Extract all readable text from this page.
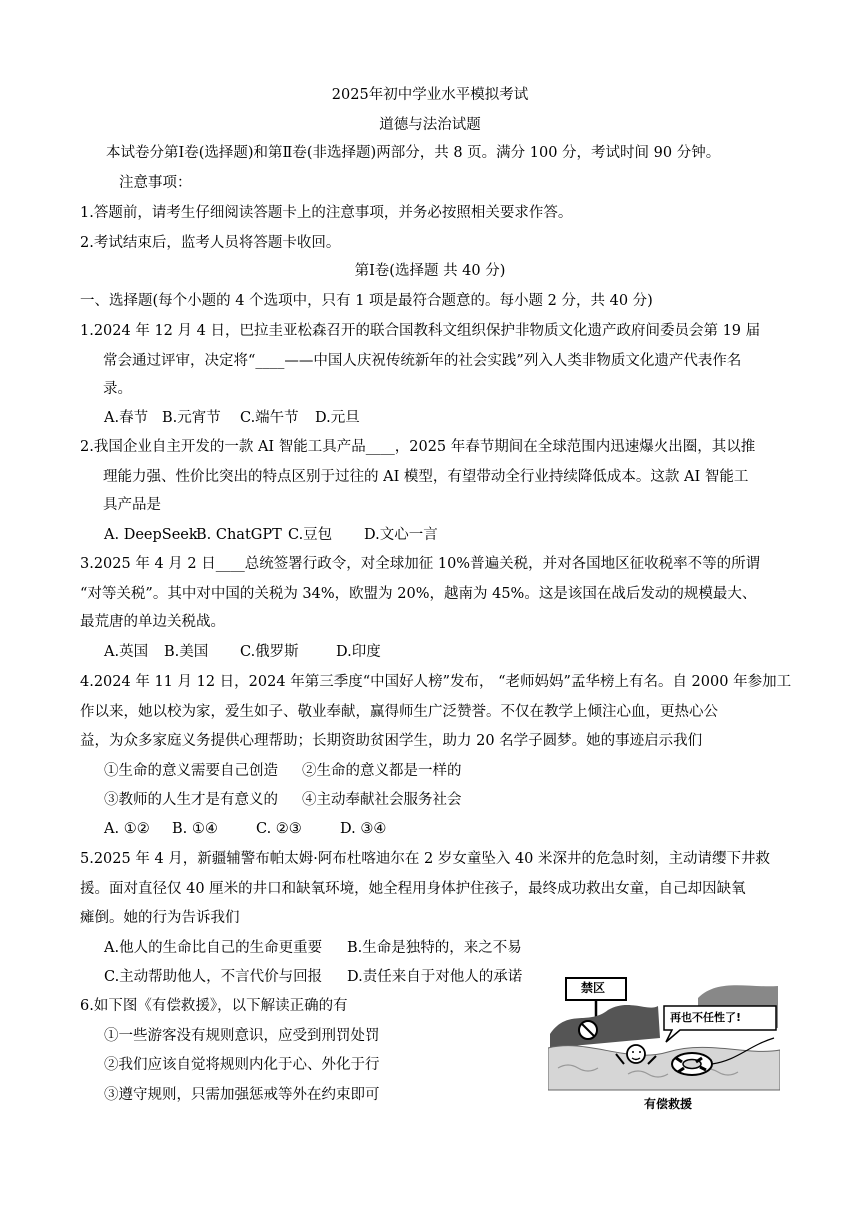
2025年初中学业水平模拟考试
道德与法治试题
本试卷分第Ⅰ卷(选择题)和第Ⅱ卷(非选择题)两部分，共 8 页。满分 100 分，考试时间 90 分钟。
注意事项：
1.答题前，请考生仔细阅读答题卡上的注意事项，并务必按照相关要求作答。
2.考试结束后，监考人员将答题卡收回。
第Ⅰ卷(选择题 共 40 分)
一、选择题(每个小题的 4 个选项中，只有 1 项是最符合题意的。每小题 2 分，共 40 分)
1.2024 年 12 月 4 日，巴拉圭亚松森召开的联合国教科文组织保护非物质文化遗产政府间委员会第 19 届
常会通过评审，决定将“____——中国人庆祝传统新年的社会实践”列入人类非物质文化遗产代表作名
录。
A.春节 B.元宵节 C.端午节 D.元旦
2.我国企业自主开发的一款 AI 智能工具产品____，2025 年春节期间在全球范围内迅速爆火出圈，其以推
理能力强、性价比突出的特点区别于过往的 AI 模型，有望带动全行业持续降低成本。这款 AI 智能工
具产品是
A. DeepSeek
B. ChatGPT C.豆包 D.文心一言
3.2025 年 4 月 2 日____总统签署行政令，对全球加征 10%普遍关税，并对各国地区征收税率不等的所谓
“对等关税”。其中对中国的关税为 34%，欧盟为 20%，越南为 45%。这是该国在战后发动的规模最大、
最荒唐的单边关税战。
A.英国 B.美国 C.俄罗斯	D.印度
4.2024 年 11 月 12 日，2024 年第三季度“中国好人榜”发布， “老师妈妈”孟华榜上有名。自 2000 年参加工
作以来，她以校为家，爱生如子、敬业奉献，赢得师生广泛赞誉。不仅在教学上倾注心血，更热心公
益，为众多家庭义务提供心理帮助；长期资助贫困学生，助力 20 名学子圆梦。她的事迹启示我们
①生命的意义需要自己创造 ②生命的意义都是一样的
③教师的人生才是有意义的 ④主动奉献社会服务社会
A. ①② B. ①④	C. ②③	D. ③④
5.2025 年 4 月，新疆辅警布帕太姆·阿布杜喀迪尔在 2 岁女童坠入 40 米深井的危急时刻，主动请缨下井救
援。面对直径仅 40 厘米的井口和缺氧环境，她全程用身体护住孩子，最终成功救出女童，自己却因缺氧
瘫倒。她的行为告诉我们
A.他人的生命比自己的生命更重要 B.生命是独特的，来之不易
C.主动帮助他人，不言代价与回报 D.责任来自于对他人的承诺
6.如下图《有偿救援》，以下解读正确的有
①一些游客没有规则意识，应受到刑罚处罚
②我们应该自觉将规则内化于心、外化于行
③遵守规则，只需加强惩戒等外在约束即可
禁区
再也不任性了!
有偿救援
